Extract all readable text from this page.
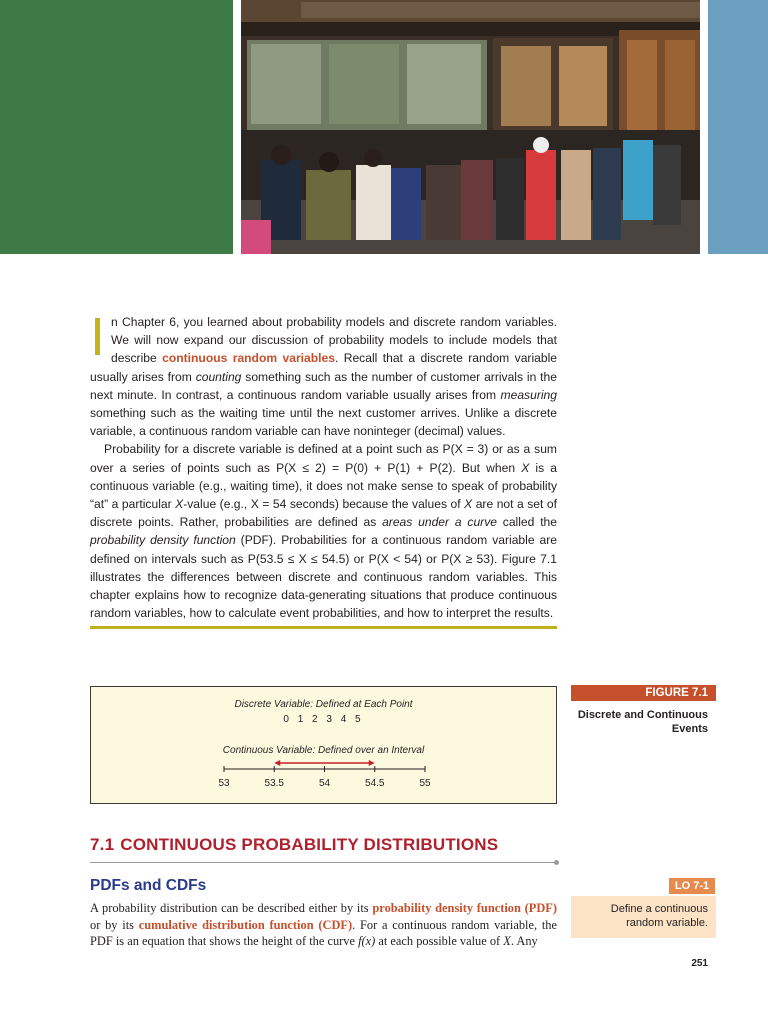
In Chapter 6, you learned about probability models and discrete random variables. We will now expand our discussion of probability models to include models that describe continuous random variables. Recall that a discrete random variable usually arises from counting something such as the number of customer arrivals in the next minute. In contrast, a continuous random variable usually arises from measuring something such as the waiting time until the next customer arrives. Unlike a discrete variable, a continuous random variable can have noninteger (decimal) values.

Probability for a discrete variable is defined at a point such as P(X = 3) or as a sum over a series of points such as P(X ≤ 2) = P(0) + P(1) + P(2). But when X is a continuous variable (e.g., waiting time), it does not make sense to speak of probability “at” a particular X-value (e.g., X = 54 seconds) because the values of X are not a set of discrete points. Rather, probabilities are defined as areas under a curve called the probability density function (PDF). Probabilities for a continuous random variable are defined on intervals such as P(53.5 ≤ X ≤ 54.5) or P(X < 54) or P(X ≥ 53). Figure 7.1 illustrates the differences between discrete and continuous random variables. This chapter explains how to recognize data-generating situations that produce continuous random variables, how to calculate event probabilities, and how to interpret the results.

Discrete Variable: Defined at Each Point
0 1 2 3 4 5
Continuous Variable: Defined over an Interval
53	53.5	54	54.5	55
FIGURE 7.1
Discrete and Continuous Events
7.1 CONTINUOUS PROBABILITY DISTRIBUTIONS
PDFs and CDFs

A probability distribution can be described either by its probability density function (PDF) or by its cumulative distribution function (CDF). For a continuous random variable, the PDF is an equation that shows the height of the curve f(x) at each possible value of X. Any

LO 7-1
Define a continuous random variable.
251
